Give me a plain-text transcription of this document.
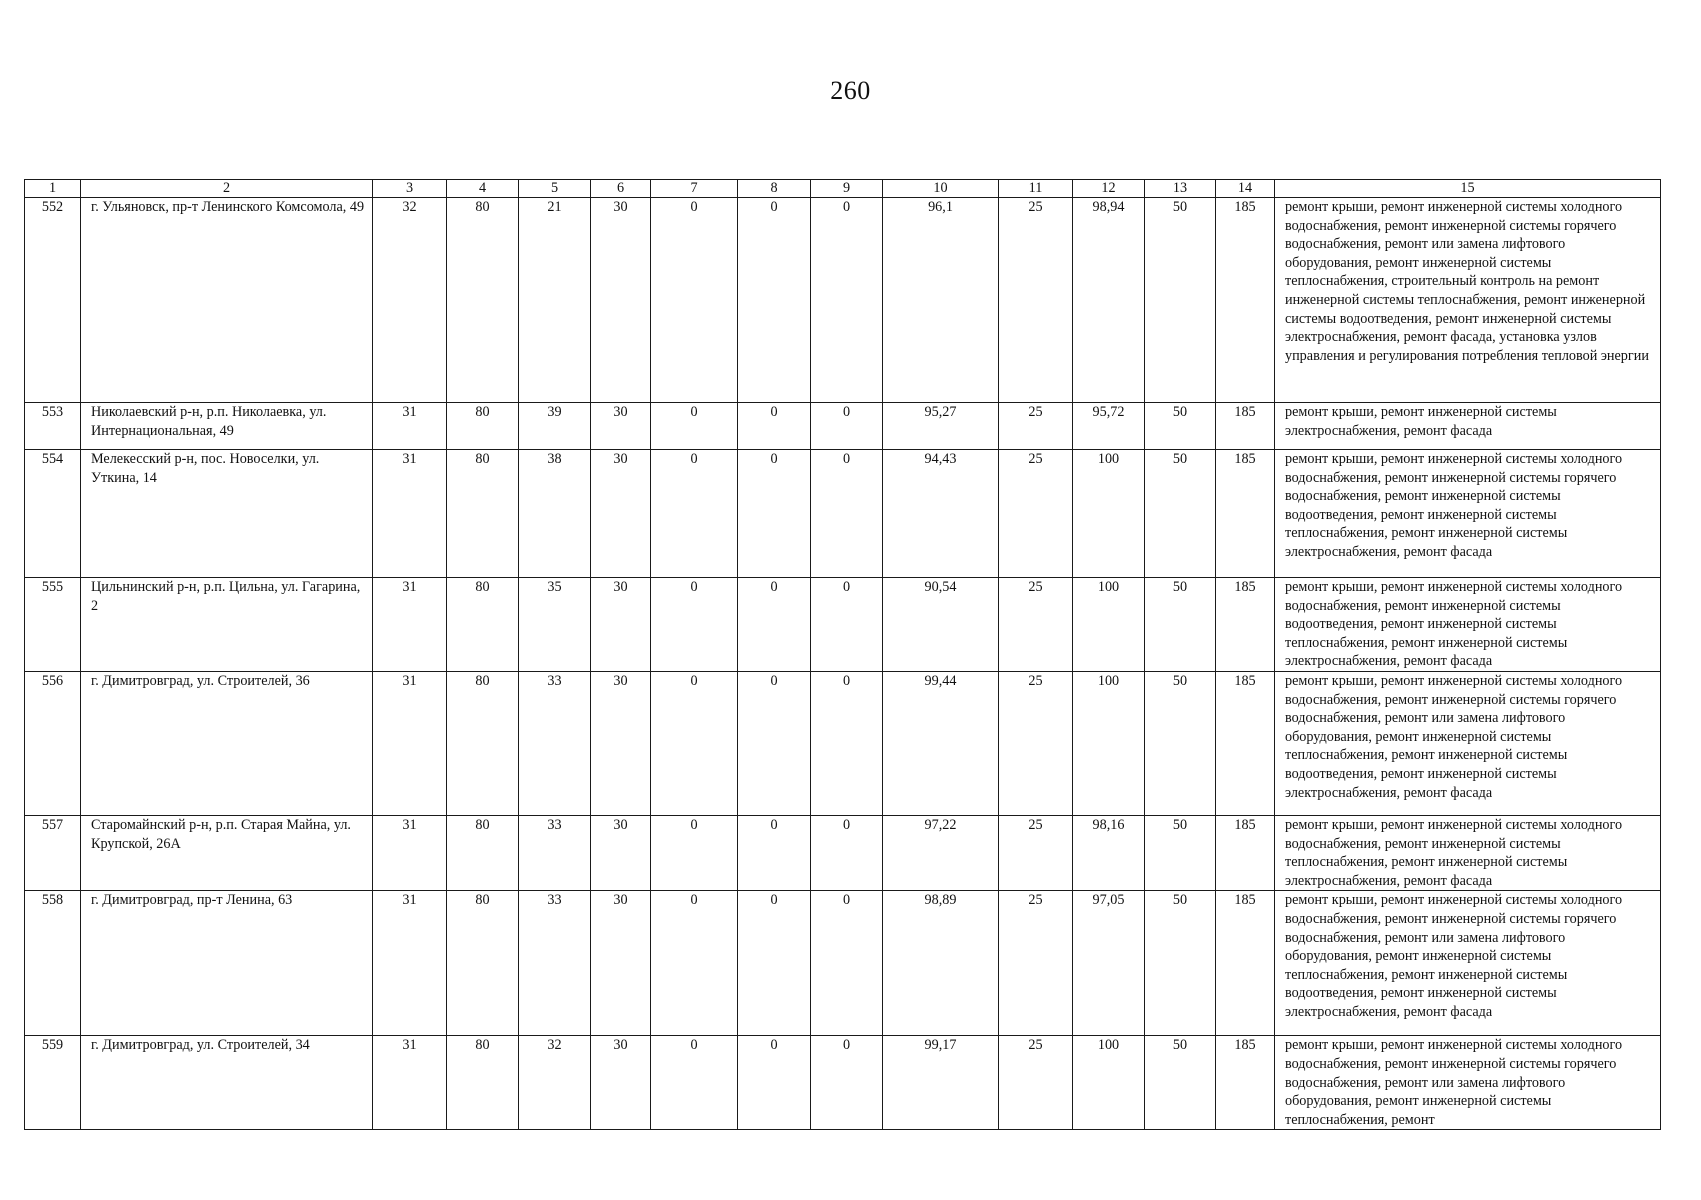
260
1	2	3	4	5	6	7	8	9	10	11	12	13	14	15
552	г. Ульяновск, пр-т Ленинского Комсомола, 49	32	80	21	30	0	0	0	96,1	25	98,94	50	185	ремонт крыши, ремонт инженерной системы холодного водоснабжения, ремонт инженерной системы горячего водоснабжения, ремонт или замена лифтового оборудования, ремонт инженерной системы теплоснабжения, строительный контроль на ремонт инженерной системы теплоснабжения, ремонт инженерной системы водоотведения, ремонт инженерной системы электроснабжения, ремонт фасада, установка узлов управления и регулирования потребления тепловой энергии
553	Николаевский р-н, р.п. Николаевка, ул. Интернациональная, 49	31	80	39	30	0	0	0	95,27	25	95,72	50	185	ремонт крыши, ремонт инженерной системы электроснабжения, ремонт фасада
554	Мелекесский р-н, пос. Новоселки, ул. Уткина, 14	31	80	38	30	0	0	0	94,43	25	100	50	185	ремонт крыши, ремонт инженерной системы холодного водоснабжения, ремонт инженерной системы горячего водоснабжения, ремонт инженерной системы водоотведения, ремонт инженерной системы теплоснабжения, ремонт инженерной системы электроснабжения, ремонт фасада
555	Цильнинский р-н, р.п. Цильна, ул. Гагарина, 2	31	80	35	30	0	0	0	90,54	25	100	50	185	ремонт крыши, ремонт инженерной системы холодного водоснабжения, ремонт инженерной системы водоотведения, ремонт инженерной системы теплоснабжения, ремонт инженерной системы электроснабжения, ремонт фасада
556	г. Димитровград, ул. Строителей, 36	31	80	33	30	0	0	0	99,44	25	100	50	185	ремонт крыши, ремонт инженерной системы холодного водоснабжения, ремонт инженерной системы горячего водоснабжения, ремонт или замена лифтового оборудования, ремонт инженерной системы теплоснабжения, ремонт инженерной системы водоотведения, ремонт инженерной системы электроснабжения, ремонт фасада
557	Старомайнский р-н, р.п. Старая Майна, ул. Крупской, 26А	31	80	33	30	0	0	0	97,22	25	98,16	50	185	ремонт крыши, ремонт инженерной системы холодного водоснабжения, ремонт инженерной системы теплоснабжения, ремонт инженерной системы электроснабжения, ремонт фасада
558	г. Димитровград, пр-т Ленина, 63	31	80	33	30	0	0	0	98,89	25	97,05	50	185	ремонт крыши, ремонт инженерной системы холодного водоснабжения, ремонт инженерной системы горячего водоснабжения, ремонт или замена лифтового оборудования, ремонт инженерной системы теплоснабжения, ремонт инженерной системы водоотведения, ремонт инженерной системы электроснабжения, ремонт фасада
559	г. Димитровград, ул. Строителей, 34	31	80	32	30	0	0	0	99,17	25	100	50	185	ремонт крыши, ремонт инженерной системы холодного водоснабжения, ремонт инженерной системы горячего водоснабжения, ремонт или замена лифтового оборудования, ремонт инженерной системы теплоснабжения, ремонт
